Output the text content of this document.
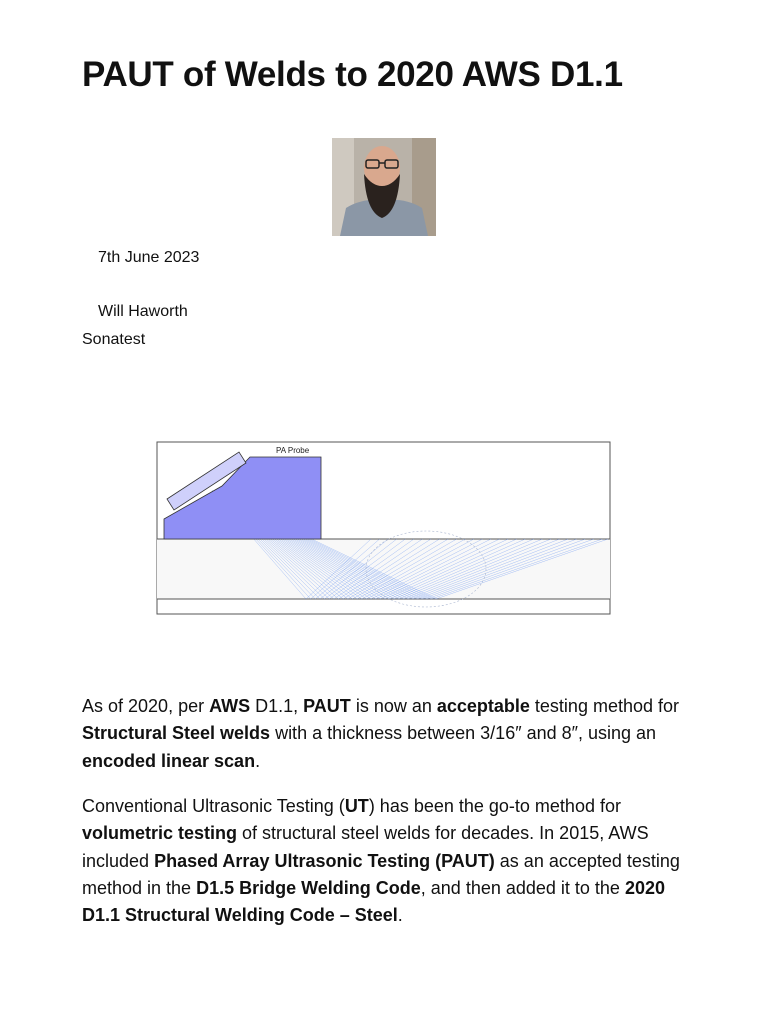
PAUT of Welds to 2020 AWS D1.1
7th June 2023
Will Haworth
Sonatest
PA Probe

As of 2020, per AWS D1.1, PAUT is now an acceptable testing method for Structural Steel welds with a thickness between 3/16″ and 8″, using an encoded linear scan.

Conventional Ultrasonic Testing (UT) has been the go-to method for volumetric testing of structural steel welds for decades. In 2015, AWS included Phased Array Ultrasonic Testing (PAUT) as an accepted testing method in the D1.5 Bridge Welding Code, and then added it to the 2020 D1.1 Structural Welding Code – Steel.
